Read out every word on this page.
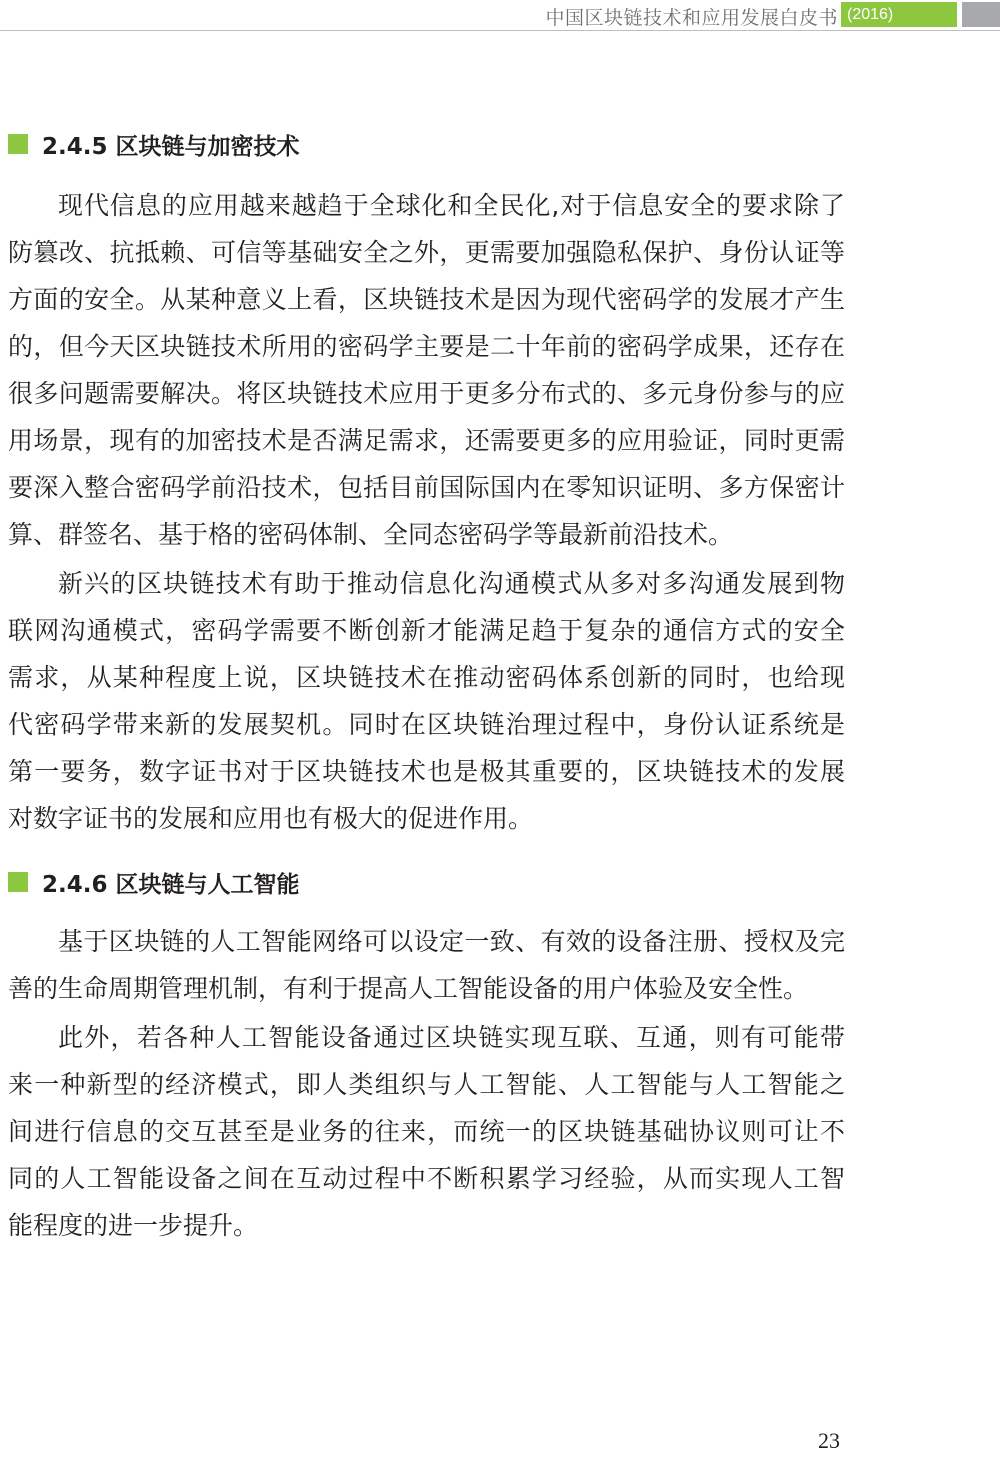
中国区块链技术和应用发展白皮书 (2016)
2.4.5 区块链与加密技术
现代信息的应用越来越趋于全球化和全民化,对于信息安全的要求除了
防篡改、抗抵赖、可信等基础安全之外，更需要加强隐私保护、身份认证等
方面的安全。从某种意义上看，区块链技术是因为现代密码学的发展才产生
的，但今天区块链技术所用的密码学主要是二十年前的密码学成果，还存在
很多问题需要解决。将区块链技术应用于更多分布式的、多元身份参与的应
用场景，现有的加密技术是否满足需求，还需要更多的应用验证，同时更需
要深入整合密码学前沿技术，包括目前国际国内在零知识证明、多方保密计
算、群签名、基于格的密码体制、全同态密码学等最新前沿技术。
新兴的区块链技术有助于推动信息化沟通模式从多对多沟通发展到物
联网沟通模式，密码学需要不断创新才能满足趋于复杂的通信方式的安全
需求，从某种程度上说，区块链技术在推动密码体系创新的同时，也给现
代密码学带来新的发展契机。同时在区块链治理过程中，身份认证系统是
第一要务，数字证书对于区块链技术也是极其重要的，区块链技术的发展
对数字证书的发展和应用也有极大的促进作用。
2.4.6 区块链与人工智能
基于区块链的人工智能网络可以设定一致、有效的设备注册、授权及完
善的生命周期管理机制，有利于提高人工智能设备的用户体验及安全性。
此外，若各种人工智能设备通过区块链实现互联、互通，则有可能带
来一种新型的经济模式，即人类组织与人工智能、人工智能与人工智能之
间进行信息的交互甚至是业务的往来，而统一的区块链基础协议则可让不
同的人工智能设备之间在互动过程中不断积累学习经验，从而实现人工智
能程度的进一步提升。
23
